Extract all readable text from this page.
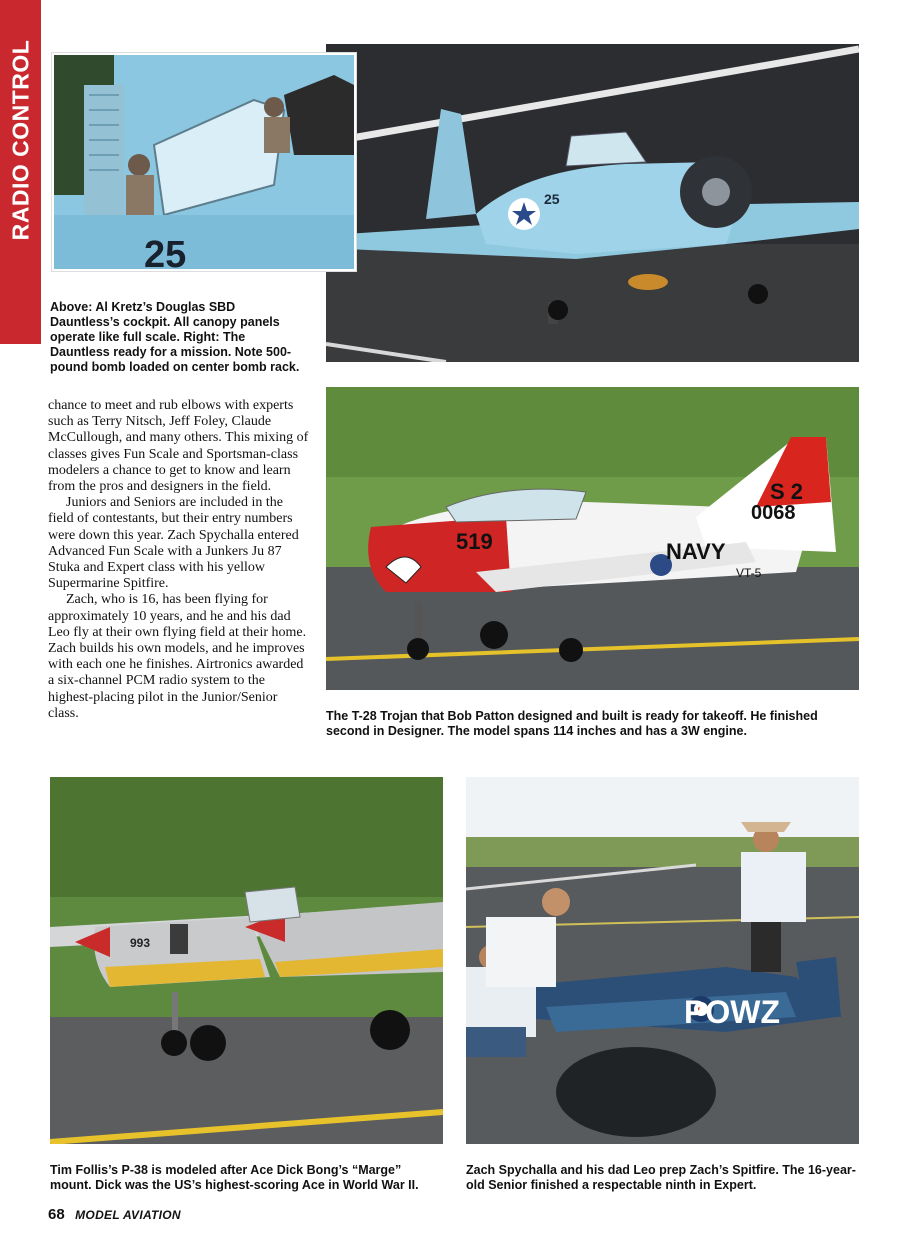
RADIO CONTROL	25
25
Above: Al Kretz’s Douglas SBD Dauntless’s cockpit. All canopy panels operate like full scale. Right: The Dauntless ready for a mission. Note 500-pound bomb loaded on center bomb rack.

chance to meet and rub elbows with experts such as Terry Nitsch, Jeff Foley, Claude McCullough, and many others. This mixing of classes gives Fun Scale and Sportsman-class modelers a chance to get to know and learn from the pros and designers in the field.

Juniors and Seniors are included in the field of contestants, but their entry numbers were down this year. Zach Spychalla entered Advanced Fun Scale with a Junkers Ju 87 Stuka and Expert class with his yellow Supermarine Spitfire.

Zach, who is 16, has been flying for approximately 10 years, and he and his dad Leo fly at their own flying field at their home. Zach builds his own models, and he improves with each one he finishes. Airtronics awarded a six-channel PCM radio system to the highest-placing pilot in the Junior/Senior class.

519
S 2
0068
NAVY
VT-5
The T-28 Trojan that Bob Patton designed and built is ready for takeoff. He finished second in Designer. The model spans 114 inches and has a 3W engine.
993
Tim Follis’s P-38 is modeled after Ace Dick Bong’s “Marge” mount. Dick was the US’s highest-scoring Ace in World War II.
POWZ
Zach Spychalla and his dad Leo prep Zach’s Spitfire. The 16-year-old Senior finished a respectable ninth in Expert.
68 MODEL AVIATION
